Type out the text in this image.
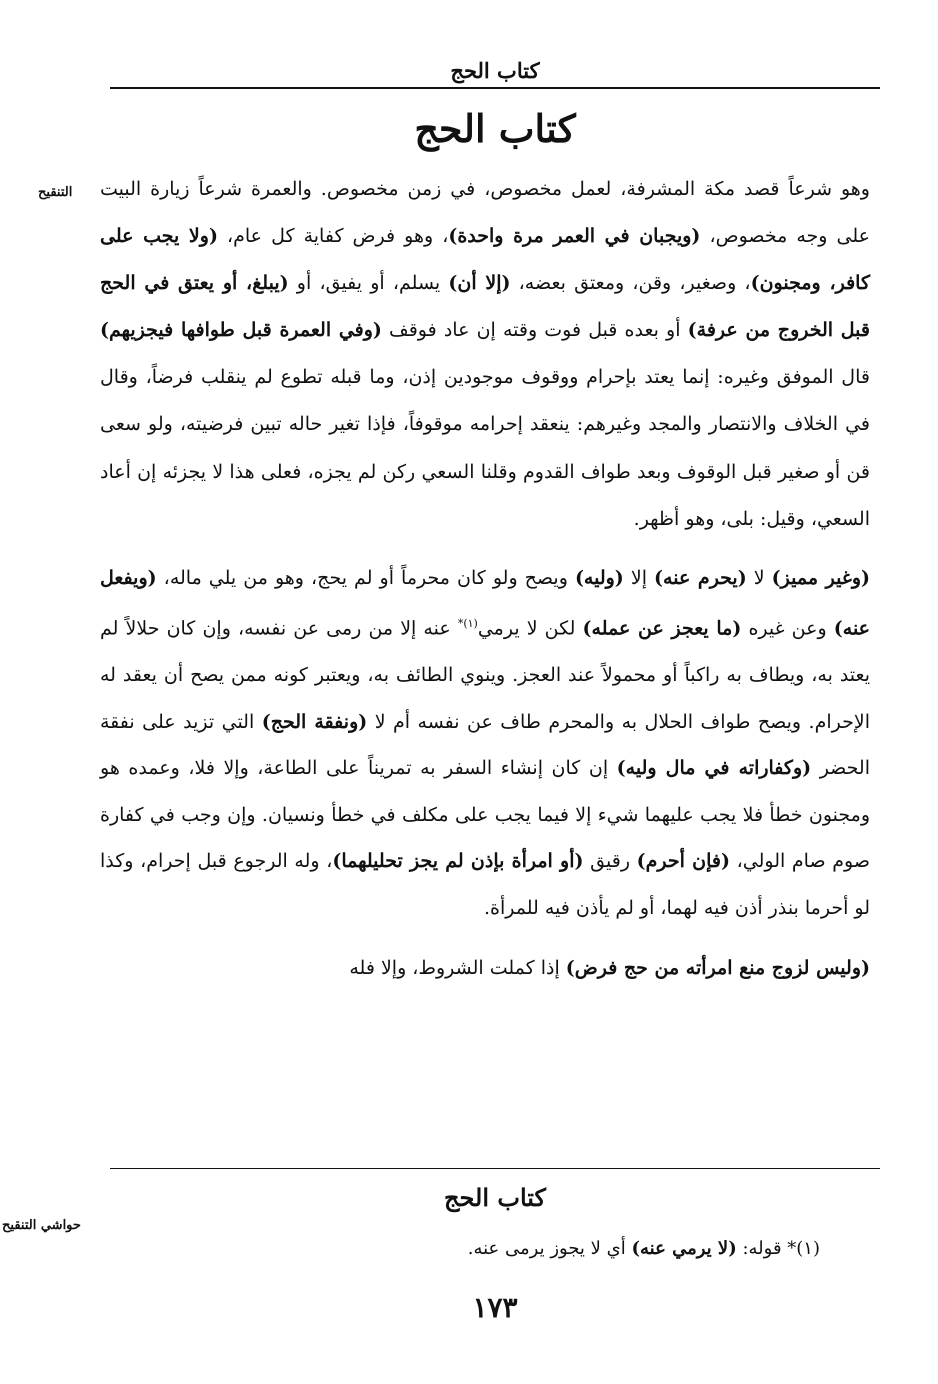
كتاب الحج
كتاب الحج
التنقيح وهو شرعاً قصد مكة المشرفة، لعمل مخصوص، في زمن مخصوص. والعمرة شرعاً زيارة البيت على وجه مخصوص، (ويجبان في العمر مرة واحدة)، وهو فرض كفاية كل عام، (ولا يجب على كافر، ومجنون)، وصغير، وقن، ومعتق بعضه، (إلا أن) يسلم، أو يفيق، أو (يبلغ، أو يعتق في الحج قبل الخروج من عرفة) أو بعده قبل فوت وقته إن عاد فوقف (وفي العمرة قبل طوافها فيجزيهم) قال الموفق وغيره: إنما يعتد بإحرام ووقوف موجودين إذن، وما قبله تطوع لم ينقلب فرضاً، وقال في الخلاف والانتصار والمجد وغيرهم: ينعقد إحرامه موقوفاً، فإذا تغير حاله تبين فرضيته، ولو سعى قن أو صغير قبل الوقوف وبعد طواف القدوم وقلنا السعي ركن لم يجزه، فعلى هذا لا يجزئه إن أعاد السعي، وقيل: بلى، وهو أظهر.

(وغير مميز) لا (يحرم عنه) إلا (وليه) ويصح ولو كان محرماً أو لم يحج، وهو من يلي ماله، (ويفعل عنه) وعن غيره (ما يعجز عن عمله) لكن لا يرمي$^{(١)*}$ عنه إلا من رمى عن نفسه، وإن كان حلالاً لم يعتد به، ويطاف به راكباً أو محمولاً عند العجز. وينوي الطائف به، ويعتبر كونه ممن يصح أن يعقد له الإحرام. ويصح طواف الحلال به والمحرم طاف عن نفسه أم لا (ونفقة الحج) التي تزيد على نفقة الحضر (وكفاراته في مال وليه) إن كان إنشاء السفر به تمريناً على الطاعة، وإلا فلا، وعمده هو ومجنون خطأ فلا يجب عليهما شيء إلا فيما يجب على مكلف في خطأ ونسيان. وإن وجب في كفارة صوم صام الولي، (فإن أحرم) رقيق (أو امرأة بإذن لم يجز تحليلهما)، وله الرجوع قبل إحرام، وكذا لو أحرما بنذر أذن فيه لهما، أو لم يأذن فيه للمرأة.

(وليس لزوج منع امرأته من حج فرض) إذا كملت الشروط، وإلا فله

كتاب الحج
حواشي التنقيح
(١)* قوله: (لا يرمي عنه) أي لا يجوز يرمى عنه.
١٧٣
